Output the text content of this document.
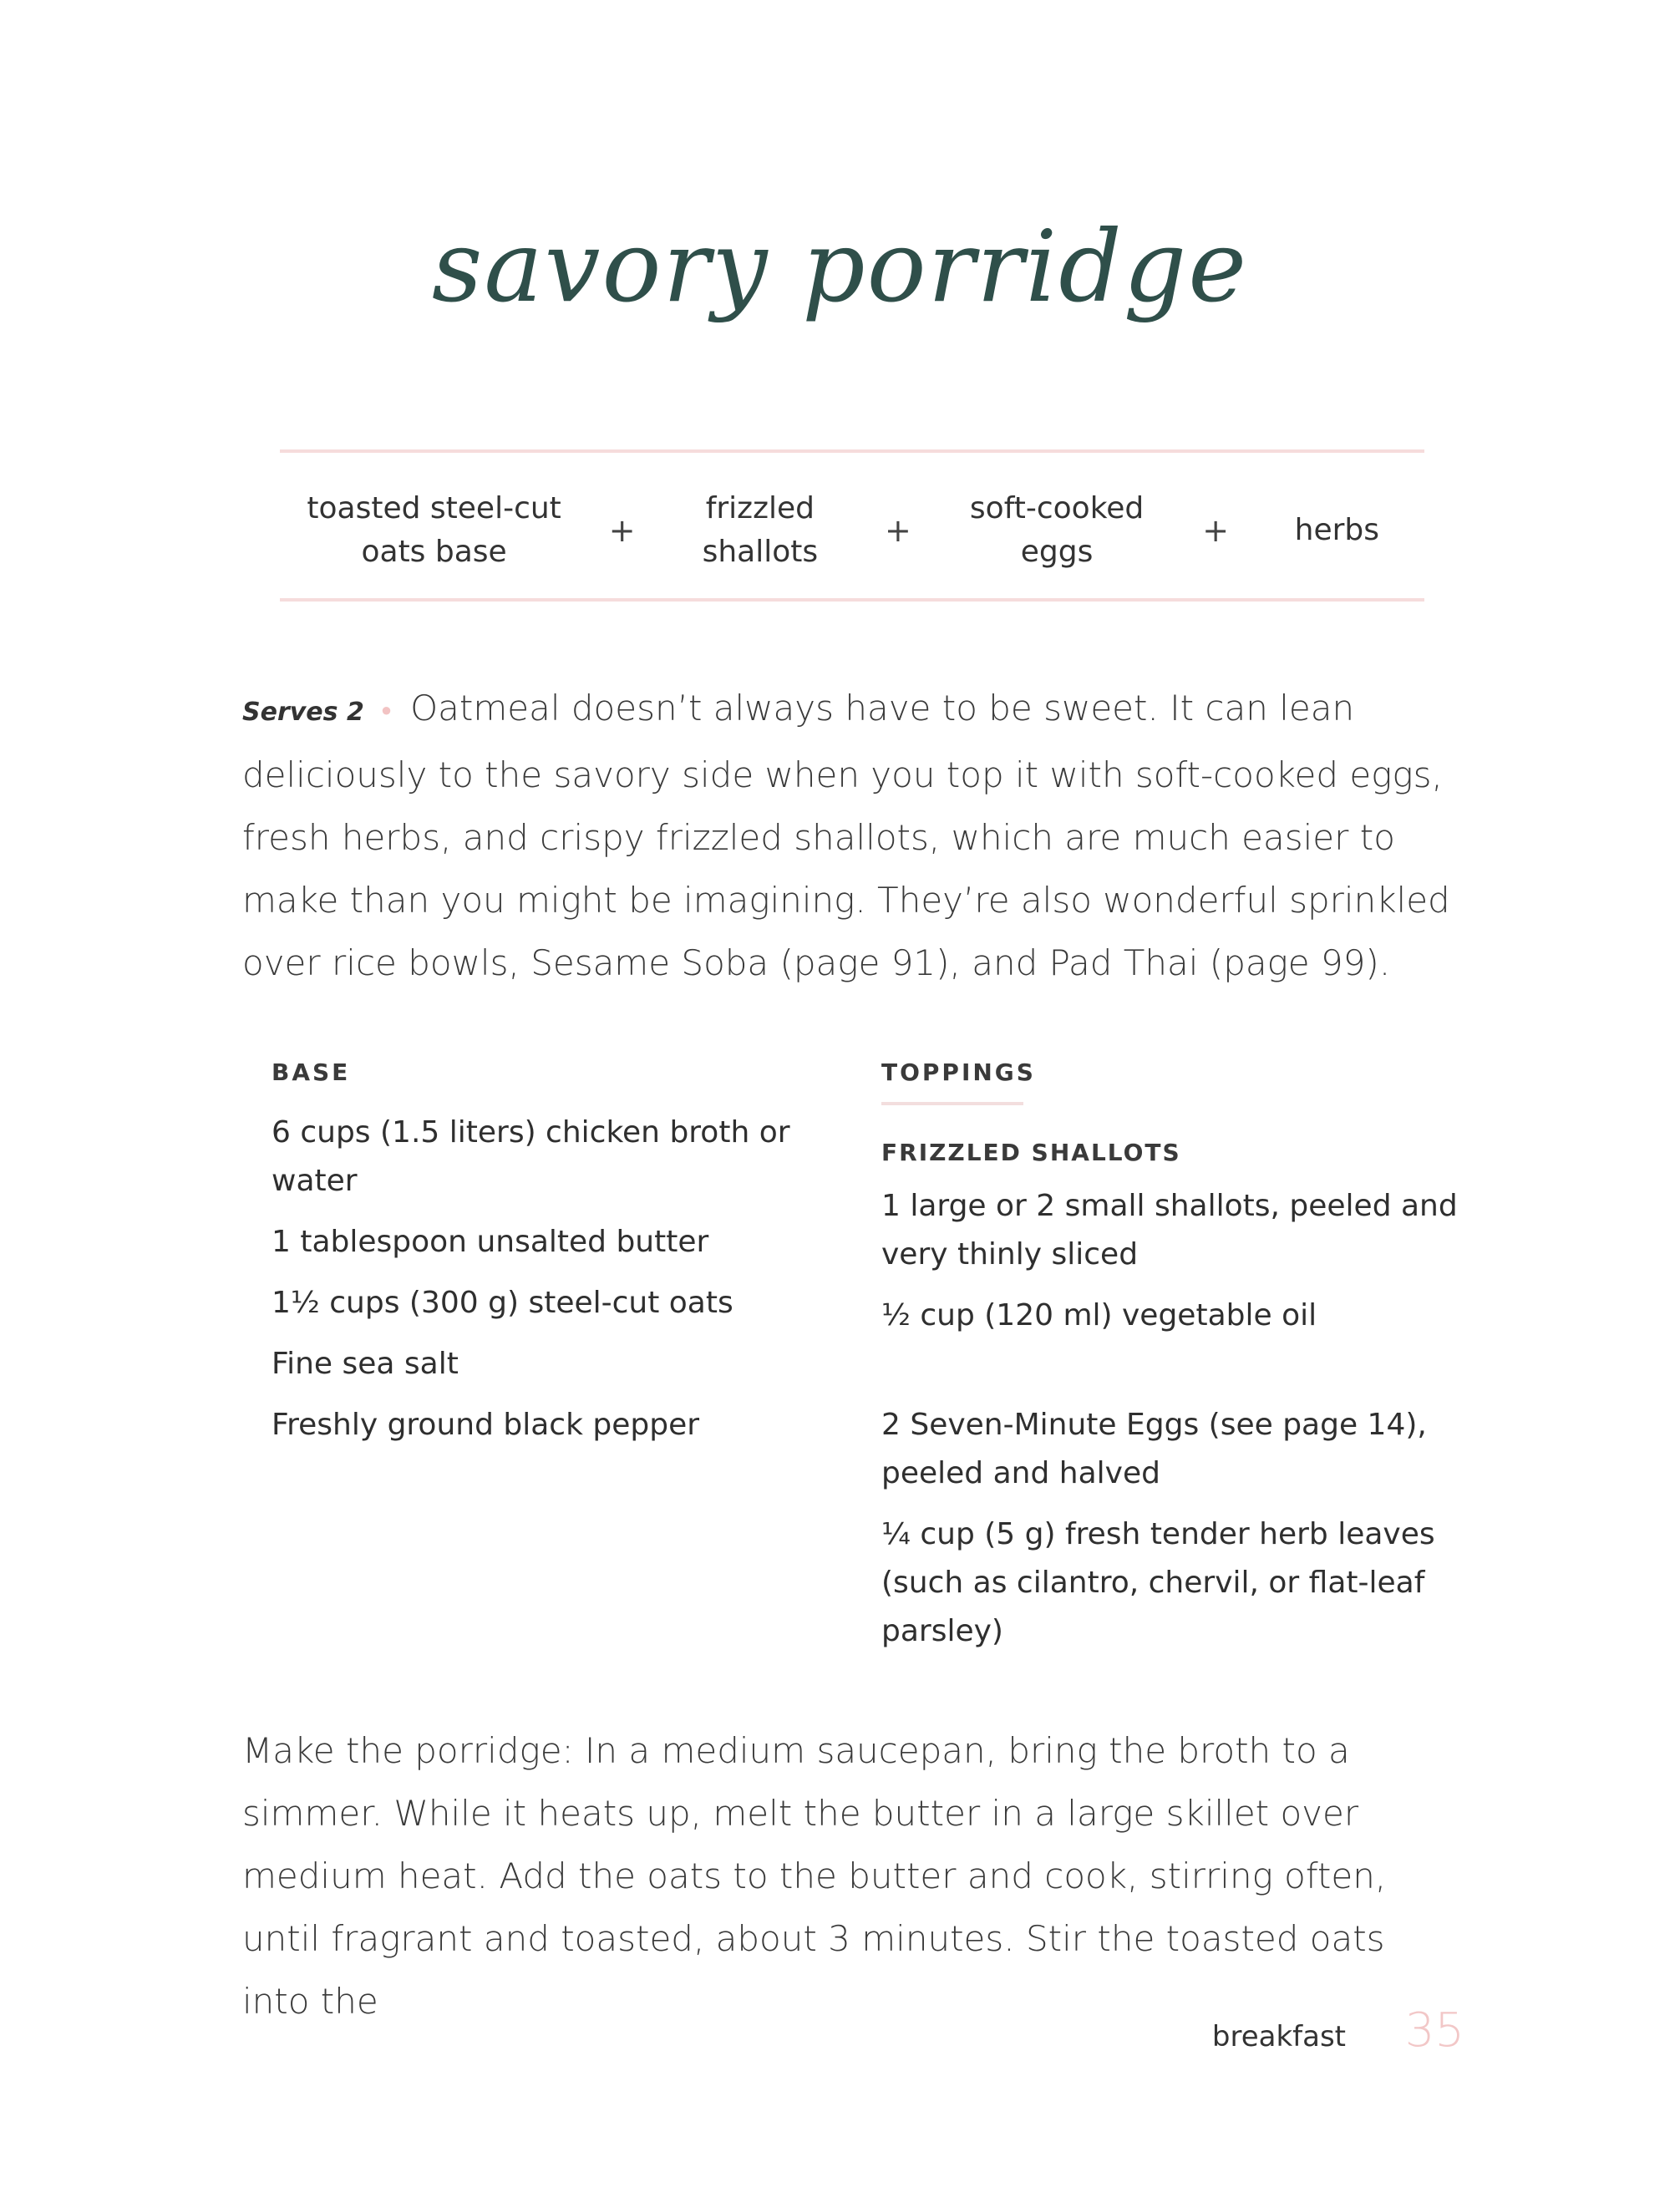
savory porridge
toasted steel-cut
oats base
+
frizzled
shallots
+
soft-cooked
eggs
+	herbs
Serves 2 ● Oatmeal doesn’t always have to be sweet. It can lean deliciously to the savory side when you top it with soft-cooked eggs, fresh herbs, and crispy frizzled shallots, which are much easier to make than you might be imagining. They’re also wonderful sprinkled over rice bowls, Sesame Soba (page 91), and Pad Thai (page 99).
BASE
6 cups (1.5 liters) chicken broth or water
1 tablespoon unsalted butter
1½ cups (300 g) steel-cut oats
Fine sea salt
Freshly ground black pepper
TOPPINGS
FRIZZLED SHALLOTS
1 large or 2 small shallots, peeled and very thinly sliced
½ cup (120 ml) vegetable oil
2 Seven-Minute Eggs (see page 14), peeled and halved
¼ cup (5 g) fresh tender herb leaves (such as cilantro, chervil, or flat-leaf parsley)
Make the porridge: In a medium saucepan, bring the broth to a simmer. While it heats up, melt the butter in a large skillet over medium heat. Add the oats to the butter and cook, stirring often, until fragrant and toasted, about 3 minutes. Stir the toasted oats into the
breakfast 35
